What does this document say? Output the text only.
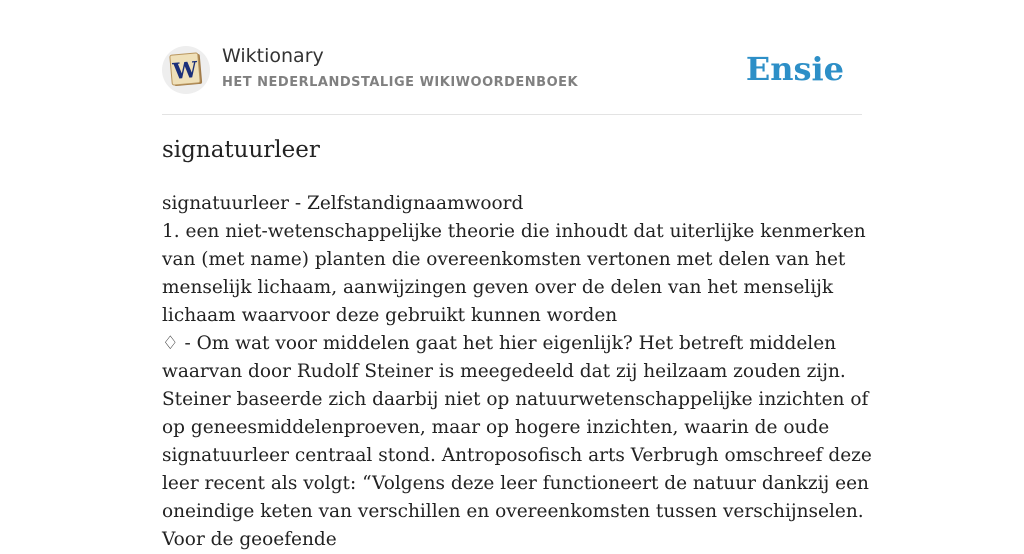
W
Wiktionary
HET NEDERLANDSTALIGE WIKIWOORDENBOEK	Ensie
signatuurleer

signatuurleer - Zelfstandignaamwoord

1. een niet-wetenschappelijke theorie die inhoudt dat uiterlijke kenmerken van (met name) planten die overeenkomsten vertonen met delen van het menselijk lichaam, aanwijzingen geven over de delen van het menselijk lichaam waarvoor deze gebruikt kunnen worden

♢ - Om wat voor middelen gaat het hier eigenlijk? Het betreft middelen waarvan door Rudolf Steiner is meegedeeld dat zij heilzaam zouden zijn. Steiner baseerde zich daarbij niet op natuurwetenschappelijke inzichten of op geneesmiddelenproeven, maar op hogere inzichten, waarin de oude signatuurleer centraal stond. Antroposofisch arts Verbrugh omschreef deze leer recent als volgt: “Volgens deze leer functioneert de natuur dankzij een oneindige keten van verschillen en overeenkomsten tussen verschijnselen. Voor de geoefende
